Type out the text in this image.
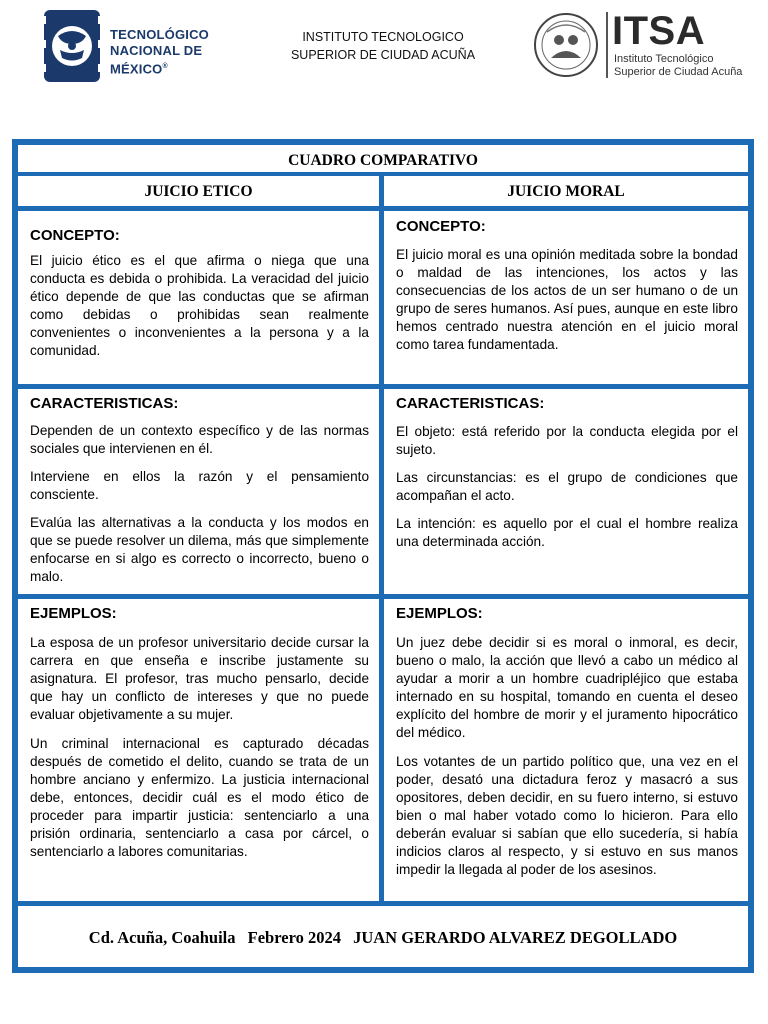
TECNOLÓGICO
NACIONAL DE MÉXICO®
INSTITUTO TECNOLOGICO
SUPERIOR DE CIUDAD ACUÑA
ITSA
Instituto Tecnológico
Superior de Ciudad Acuña
CUADRO COMPARATIVO
JUICIO ETICO	JUICIO MORAL
CONCEPTO:
El juicio ético es el que afirma o niega que una conducta es debida o prohibida. La veracidad del juicio ético depende de que las conductas que se afirman como debidas o prohibidas sean realmente convenientes o inconvenientes a la persona y a la comunidad.
CONCEPTO:
El juicio moral es una opinión meditada sobre la bondad o maldad de las intenciones, los actos y las consecuencias de los actos de un ser humano o de un grupo de seres humanos. Así pues, aunque en este libro hemos centrado nuestra atención en el juicio moral como tarea fundamentada.
CARACTERISTICAS:
Dependen de un contexto específico y de las normas sociales que intervienen en él.
Interviene en ellos la razón y el pensamiento consciente.
Evalúa las alternativas a la conducta y los modos en que se puede resolver un dilema, más que simplemente enfocarse en si algo es correcto o incorrecto, bueno o malo.
CARACTERISTICAS:
El objeto: está referido por la conducta elegida por el sujeto.
Las circunstancias: es el grupo de condiciones que acompañan el acto.
La intención: es aquello por el cual el hombre realiza una determinada acción.
EJEMPLOS:
La esposa de un profesor universitario decide cursar la carrera en que enseña e inscribe justamente su asignatura. El profesor, tras mucho pensarlo, decide que hay un conflicto de intereses y que no puede evaluar objetivamente a su mujer.
Un criminal internacional es capturado décadas después de cometido el delito, cuando se trata de un hombre anciano y enfermizo. La justicia internacional debe, entonces, decidir cuál es el modo ético de proceder para impartir justicia: sentenciarlo a una prisión ordinaria, sentenciarlo a casa por cárcel, o sentenciarlo a labores comunitarias.
EJEMPLOS:
Un juez debe decidir si es moral o inmoral, es decir, bueno o malo, la acción que llevó a cabo un médico al ayudar a morir a un hombre cuadripléjico que estaba internado en su hospital, tomando en cuenta el deseo explícito del hombre de morir y el juramento hipocrático del médico.
Los votantes de un partido político que, una vez en el poder, desató una dictadura feroz y masacró a sus opositores, deben decidir, en su fuero interno, si estuvo bien o mal haber votado como lo hicieron. Para ello deberán evaluar si sabían que ello sucedería, si había indicios claros al respecto, y si estuvo en sus manos impedir la llegada al poder de los asesinos.
Cd. Acuña, Coahuila Febrero 2024 JUAN GERARDO ALVAREZ DEGOLLADO
